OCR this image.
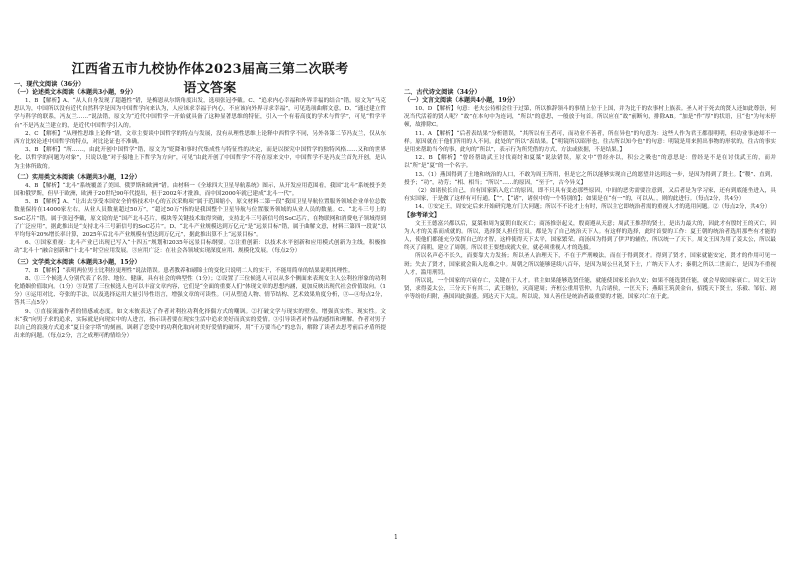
江西省五市九校协作体2023届高三第二次联考语文答案

一、现代文阅读（36分）

（一）论述类文本阅读（本题共3小题，9分）

1、B 【解析】A、“从人自身发现了超越性”错，是梅恩从尔斯角度出发，选项张冠李戴。C、“追求内心幸福和外界幸福的结合”错。原文为“马克思认为，中国所以没有近代自然科学是因为中国哲学向来认为，人应该求幸福于内心，不应该向外界寻求幸福”，可见选项曲解文意。D、“通过建立哲学与科学的联系，冯友兰……”说法错，原文为“近代中国哲学一开始就具备了这种显著思维的特征，引入一个有着高度的学术与哲学”，可见“哲学平台”不是冯友兰建立的，是近代中国哲学引入的。

2、C 【解析】“从理性思维上论释”错，文章主要谈中国哲学的特点与发展，没有从理性思维上论释中西哲学不同，另外各第二节冯友兰，仅从东西方比较论述中国哲学的特点，对比论证也不准确。

3、B 【解析】“所……，由此开创中国哲学”错，原文为“贬降和事时代集成性与特征性的决定，而是以探究中国哲学的独特风格……又和的世界化、以哲学的问题为对象”，只说以他“对于接地上下哲学为方向”，可见“由此开创了中国哲学”不符在原来文中，中国哲学不是冯友兰首先开创，是认为主体所致的。

（二）实用类文本阅读（本题共3小题，12分）

4、B 【解析】“北斗”系统覆盖了美国、俄罗斯和欧洲”错。由材料一《全球四大卫星导航系统》图示，从开发应用范围看，我国“北斗”系统授予美国和俄罗斯，但早于欧洲，欧洲于20世纪90年代提出，但于2002年才批准，而中国2000年就已建成“北斗一代”。

5、B 【解析】A、“让出去享受本国安全价格技术中心的五次采购项”属于范围缩小，原文材料二第一段“我国卫星导航位置服务领域企业单位总数数量保持在14000家左右，从业人员数量超过50万”，“超过50万”指的是我国整个卫星导航与位置服务领域的从业人员的数量。C、“北斗三号上的SoC芯片”错。属于张冠李戴，原文说的是“国产北斗芯片，模块等关键技术取得突破，支持北斗三号新信号的SoC芯片，在物联网和消费电子领域得到了广泛应用”，据此推出是“支持北斗三号新信号的SoC芯片”。D、“北斗产业规模达到万亿元”是“远景目标”错，属于曲解文意，材料三第四一段说“以平均每年20%增长率计算，2025年后北斗产业规模有望达到万亿元”，据此推出算不上“远景目标”。

6、①国家重视：北斗产业已出现已写入“十四五”规划和2035年远景目标纲要。②注重创新：以技术水平创新和应用模式创新为主线，积极推动“北斗十”融合创新和“十北斗”时空应用发展。③应用广泛：在社会各领域实现深度应用、规模化发展。（每点2分）

（三）文学类文本阅读（本题共3小题，15分）

7、B 【解析】“表明两位男士比利拉更理性”说法错误。患者教养和刷锦士的变化只说明二人的实干，不能用简单的结果说明其理性。

8、①三个候选人分别代表了名誉、地位、健康，具有社会的典型性（1分）；②设置了三位候选人可以从多个侧面来表现女主人公利拉形象的功利化婚姻价值取向。（1分）③设置了三位候选人也可以丰富文章内容，它们是“全面的重要人们”体现文章的思想内涵，更加反映出现代社会价值取向。（1分）④运用对比、夸张的手法，以及选择运用大量引导性语言，增强文章的可读性。（可从塑造人物、情节结构、艺术效果角度分析，③—④每点2分，答其三点5分）

9、①直接流露作者的情感或态度。如文末彼表达了作者对利拉功利化择偶方式的嘲讽。②打破文学与现实的壁垒，增强真实性、现实性。文末“我”向男子求的追求，实际就是向现实中的人进言，指示读者要在现实生活中追求美好而真实的爱情。③引导读者对作品的感悟和理解。作者对男子以自己的浪漫方式追求“夏日金字塔”的刻画，讽刺了恋爱中的功利化取向对美好爱情的破坏，用“千万要当心”的忠告，解除了读者去思考前后矛盾所提出来的问题。（每点2分，言之成理可酌情给分）

二、古代诗文阅读（34分）

（一）文言文阅读（本题共4小题，19分）

10、D 【解析】句意：老夫公待相会往于过第，所以推辞领斗的事情上位于上国，并为比千的农事村上族表。圣人对于死去的贤人还如此尊崇，何况当代活着的贤人呢？“故”在本句中为连词，“所以”的意思，一般放于句首。所以应在“故”前断句，排除AB。“加是”作“厚”的状语，且“也”为句末停顿，故排除C。

11、A 【解析】“后者表结果”分析错误，“其所以有王者可，而功业不善者，所在异也”的句意为：这些人作为君王都很明明，但功业事迹却不一样。原因就在于他们所用的人不同。此处的“所以”表结果。【“明镜所以昭形也，往古所以知今也”的句意：明镜是用来照出事物的形状的，往古的事实是用来帮助当今的事，此句的“所以”，表示行为所凭借的方式、方法或依据，不是结果。】

12、B 【解析】“曾经帮助武王讨伐商纣和夏桀”说法错误，原文中“曾经亦以，积公之吸也”的意思是：曾经是不是在讨伐武王的，而并以“所”是“夏”的一个名字。

13、（1）燕国得到了土地和统治的人口，不敢为周王所用，但是它之所以能够实现自己的愿望并达到这一步，是因为得到了贤士。【“稷”、直到，授予；“功”，功劳；“相、相当；“所以”……的原因，“至于”，古今异义】

（2）如诸侯长自己，自有国家陷入危亡的原因，即不只具有变态那些原因，中间的恶劣需要注意到，又后者是为学习家，还有到底能坐进入，具有实国家，于是做了这样有可行通。【“”，【“诸”，诸侯中的一个特别的】；如果是在“有一”的，可以从。，则的此进行。（每点2分，共4分）

14、①安定王，周安定后来开始研究地方门大问题；所以不不论才上有时，所以主它即统治者需的重视人才的选用问题。②（每点2分，共4分）

【参考译文】

文王王德富兴都以后，夏桀和周为夏朝自取灭亡；商汤推崇起义，殷商遵从天意；周武王推荐的贤士，是出力最大的，因此才有殷纣王的灭亡，因为人才的关系而成就的。所以，选择贤人担任官员，都是为了自己统治天下人。有这样的选择，此时首要的工作：夏王朝的统治者选用那些有才能的人，使他们都能充分发挥自己的才智，这样使得天下太平，国家繁荣。商汤因为得到了伊尹的辅佐，所以统一了天下。周文王因为用了姜太公，所以最终灭了商朝，建立了周朝。所以君王要想成就大业，就必须重视人才的选拔。

所以名声必不长久，而要靠大力发扬；所以圣人治理天下，不在于严刑峻法，而在于得到贤才。得到了贤才，国家就能安定，贤才的作用可见一斑；失去了贤才，国家就会陷入危难之中。周朝之所以能够延续八百年，是因为周公旦礼贤下士，广纳天下人才；秦朝之所以二世而亡，是因为不重视人才，滥用刑罚。

所以说，一个国家的兴衰存亡，关键在于人才。君主如果能够选贤任能，就能使国家长治久安；如果不能选贤任能，就会导致国家衰亡。周文王访贤，求得姜太公，三分天下有其二，武王继位，灭商建周；齐桓公重用管仲，九合诸侯，一匡天下；燕昭王筑黄金台，招揽天下贤士，乐毅、邹衍、剧辛等纷纷归附，燕国因此强盛。到达天下大乱。所以说，知人善任是统治者最重要的才能，国家兴亡在于此。

1
